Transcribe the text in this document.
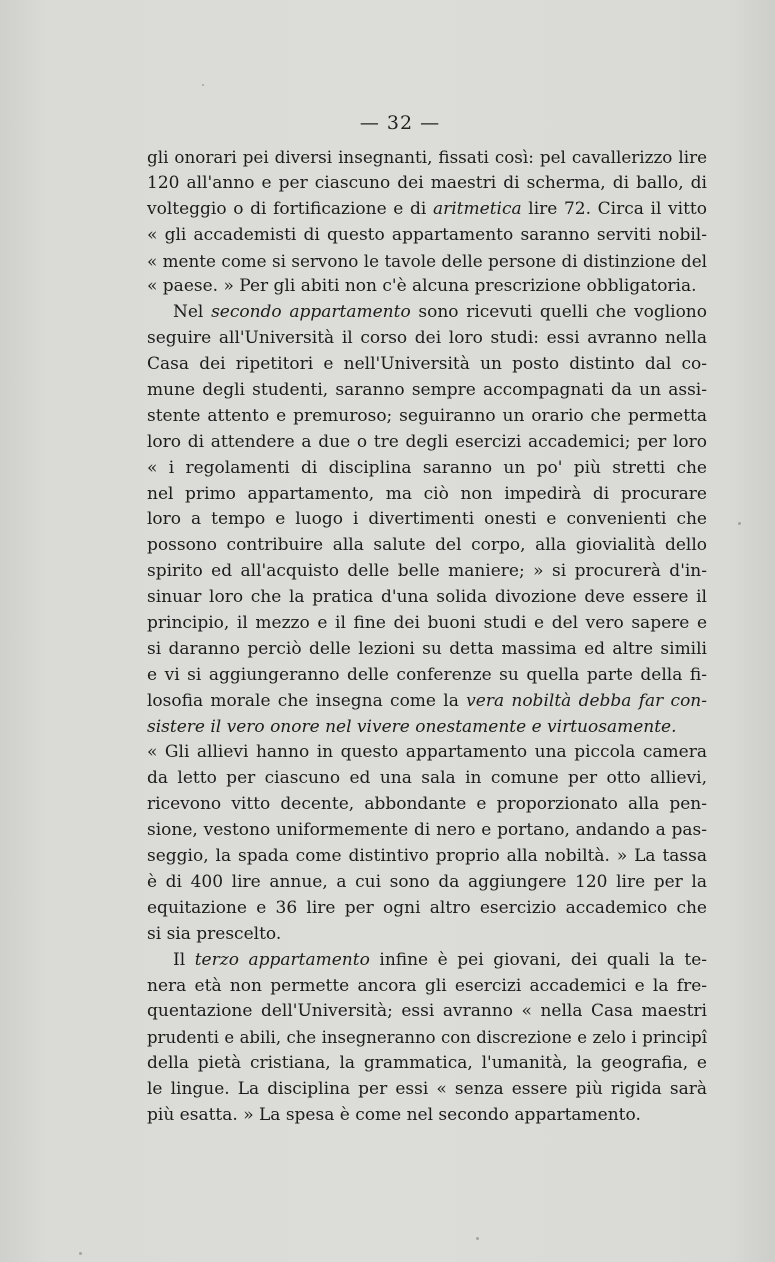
— 32 —
gli onorari pei diversi insegnanti, fissati così: pel cavallerizzo lire
120 all'anno e per ciascuno dei maestri di scherma, di ballo, di
volteggio o di fortificazione e di aritmetica lire 72. Circa il vitto
« gli accademisti di questo appartamento saranno serviti nobil-
« mente come si servono le tavole delle persone di distinzione del
« paese. » Per gli abiti non c'è alcuna prescrizione obbligatoria.
Nel secondo appartamento sono ricevuti quelli che vogliono
seguire all'Università il corso dei loro studi: essi avranno nella
Casa dei ripetitori e nell'Università un posto distinto dal co-
mune degli studenti, saranno sempre accompagnati da un assi-
stente attento e premuroso; seguiranno un orario che permetta
loro di attendere a due o tre degli esercizi accademici; per loro
« i regolamenti di disciplina saranno un po' più stretti che
nel primo appartamento, ma ciò non impedirà di procurare
loro a tempo e luogo i divertimenti onesti e convenienti che
possono contribuire alla salute del corpo, alla giovialità dello
spirito ed all'acquisto delle belle maniere; » si procurerà d'in-
sinuar loro che la pratica d'una solida divozione deve essere il
principio, il mezzo e il fine dei buoni studi e del vero sapere e
si daranno perciò delle lezioni su detta massima ed altre simili
e vi si aggiungeranno delle conferenze su quella parte della fi-
losofia morale che insegna come la vera nobiltà debba far con-
sistere il vero onore nel vivere onestamente e virtuosamente.
« Gli allievi hanno in questo appartamento una piccola camera
da letto per ciascuno ed una sala in comune per otto allievi,
ricevono vitto decente, abbondante e proporzionato alla pen-
sione, vestono uniformemente di nero e portano, andando a pas-
seggio, la spada come distintivo proprio alla nobiltà. » La tassa
è di 400 lire annue, a cui sono da aggiungere 120 lire per la
equitazione e 36 lire per ogni altro esercizio accademico che
si sia prescelto.
Il terzo appartamento infine è pei giovani, dei quali la te-
nera età non permette ancora gli esercizi accademici e la fre-
quentazione dell'Università; essi avranno « nella Casa maestri
prudenti e abili, che insegneranno con discrezione e zelo i principî
della pietà cristiana, la grammatica, l'umanità, la geografia, e
le lingue. La disciplina per essi « senza essere più rigida sarà
più esatta. » La spesa è come nel secondo appartamento.
